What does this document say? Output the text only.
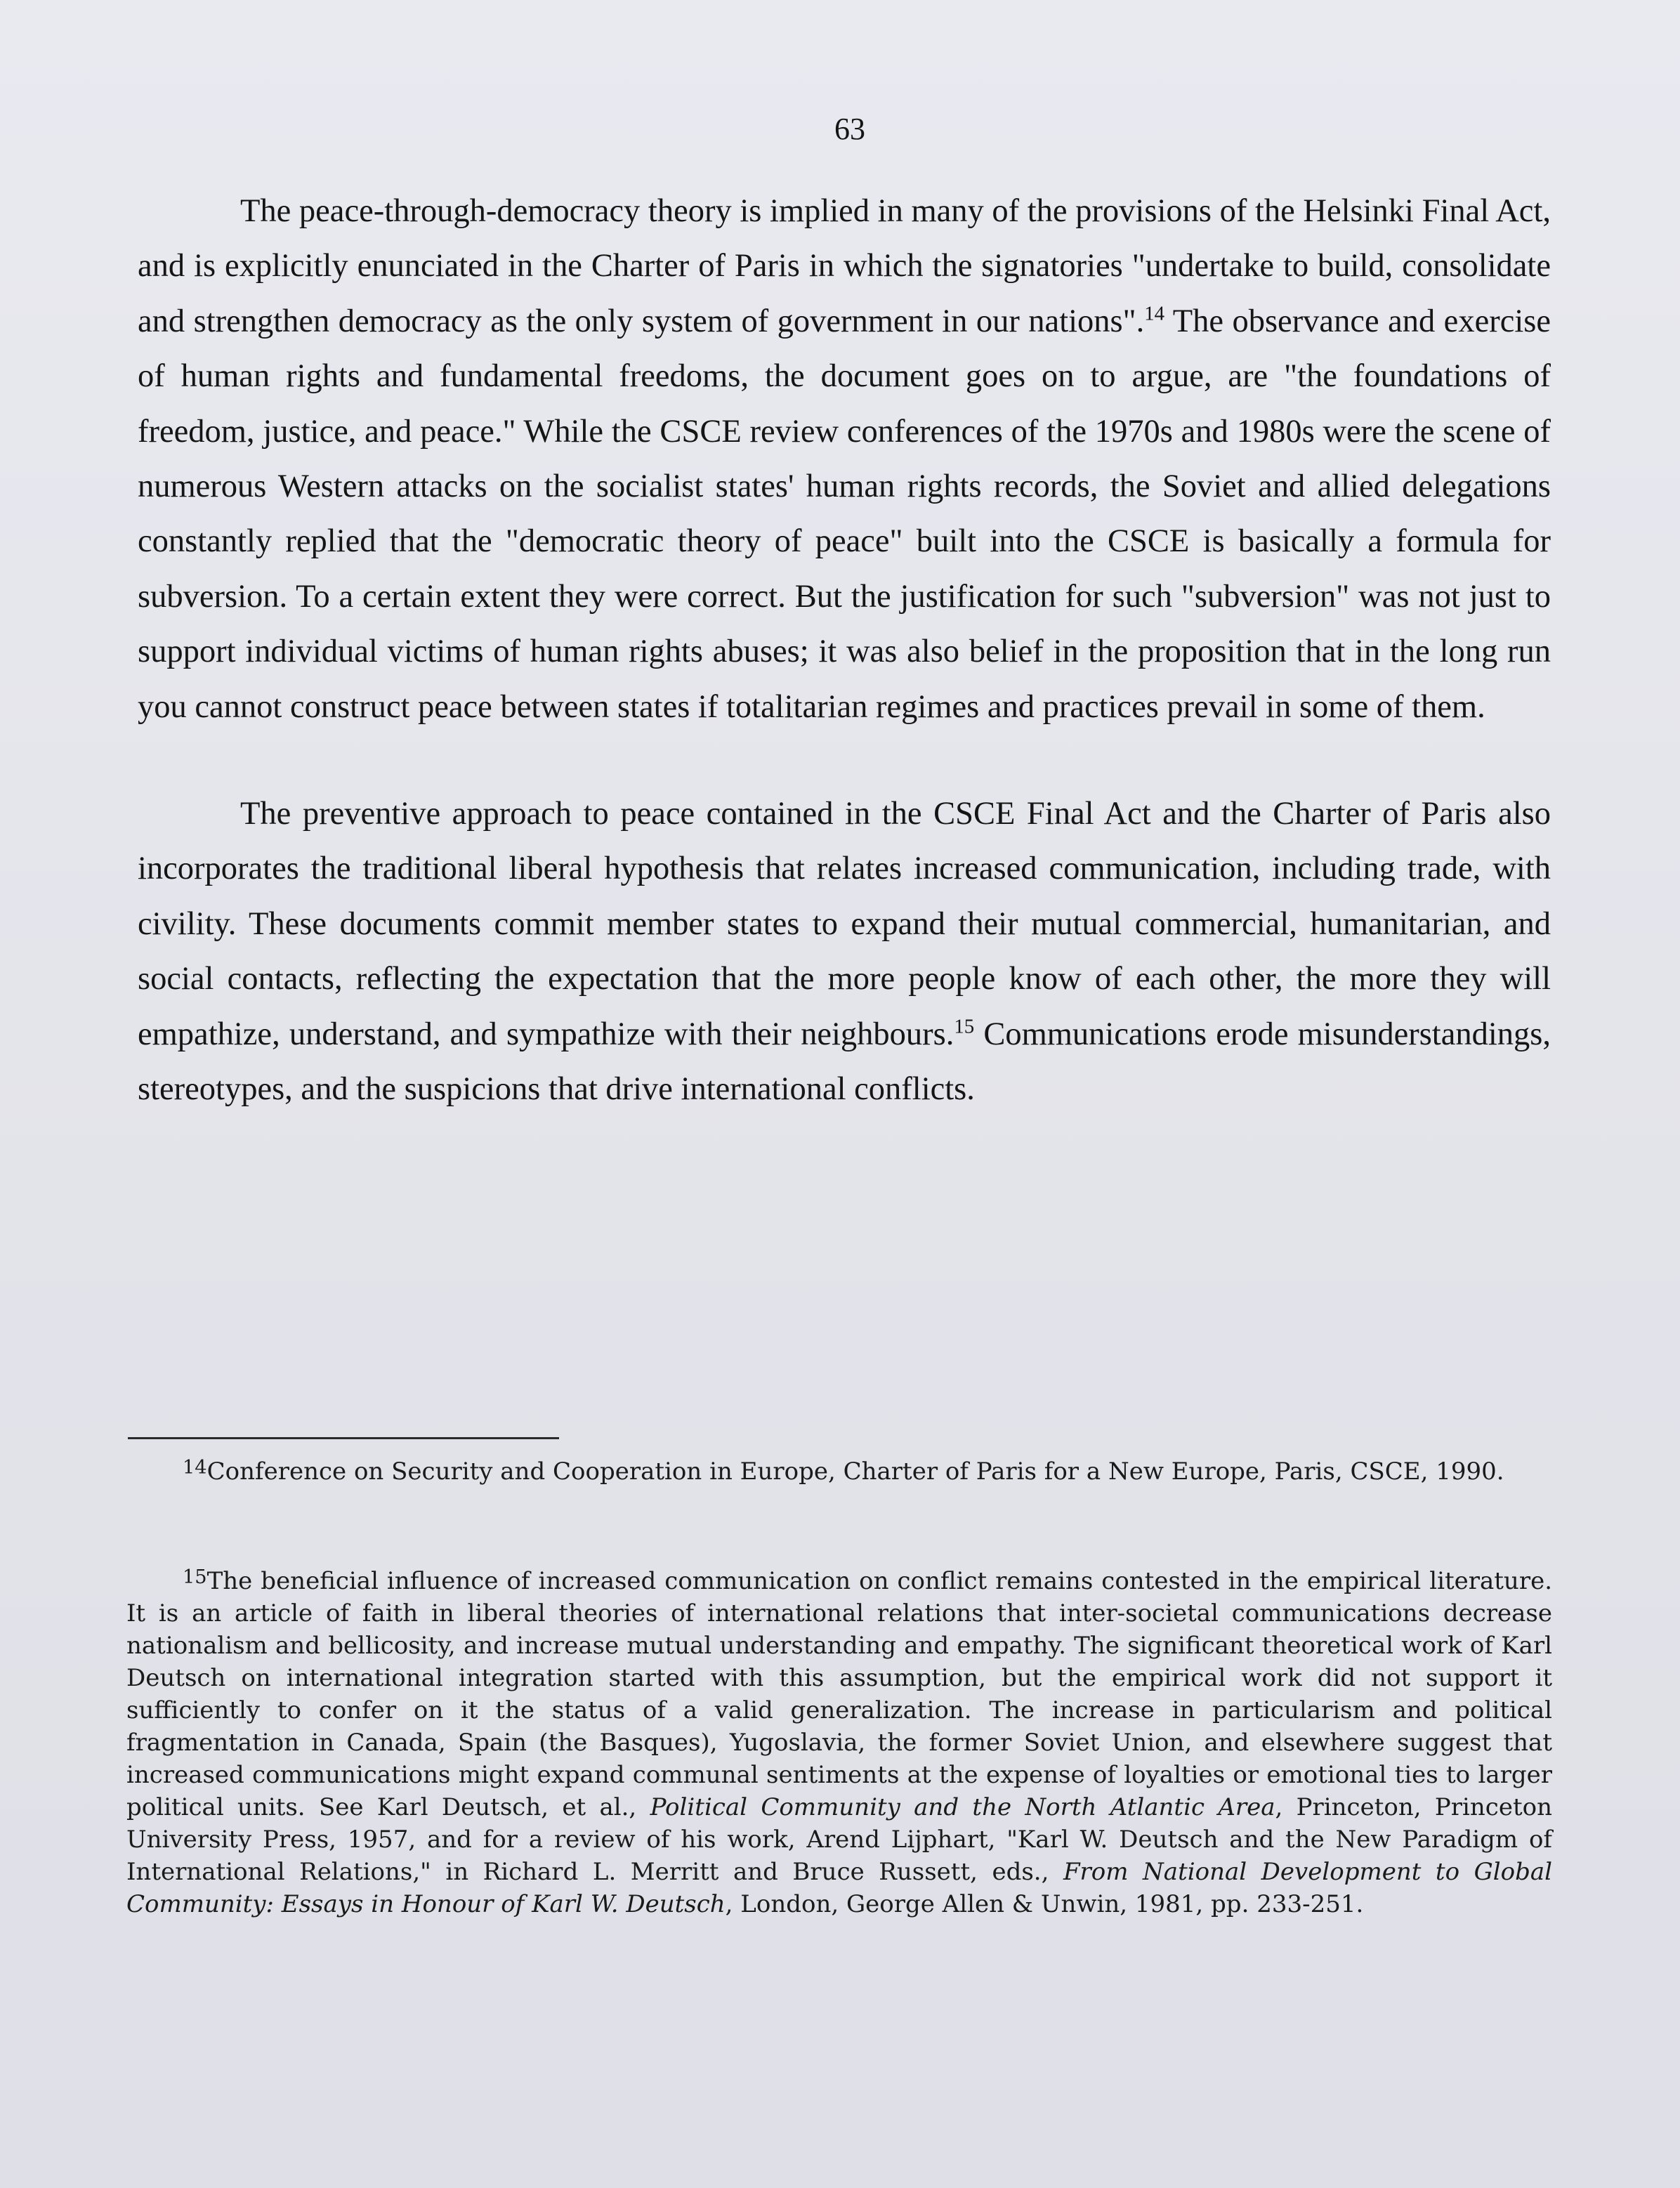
63

The peace-through-democracy theory is implied in many of the provisions of the Helsinki Final Act, and is explicitly enunciated in the Charter of Paris in which the signatories "undertake to build, consolidate and strengthen democracy as the only system of government in our nations".$^{14}$ The observance and exercise of human rights and fundamental freedoms, the document goes on to argue, are "the foundations of freedom, justice, and peace." While the CSCE review conferences of the 1970s and 1980s were the scene of numerous Western attacks on the socialist states' human rights records, the Soviet and allied delegations constantly replied that the "democratic theory of peace" built into the CSCE is basically a formula for subversion. To a certain extent they were correct. But the justification for such "subversion" was not just to support individual victims of human rights abuses; it was also belief in the proposition that in the long run you cannot construct peace between states if totalitarian regimes and practices prevail in some of them.

The preventive approach to peace contained in the CSCE Final Act and the Charter of Paris also incorporates the traditional liberal hypothesis that relates increased communication, including trade, with civility. These documents commit member states to expand their mutual commercial, humanitarian, and social contacts, reflecting the expectation that the more people know of each other, the more they will empathize, understand, and sympathize with their neighbours.$^{15}$ Communications erode misunderstandings, stereotypes, and the suspicions that drive international conflicts.

$^{14}$Conference on Security and Cooperation in Europe, Charter of Paris for a New Europe, Paris, CSCE, 1990.

$^{15}$The beneficial influence of increased communication on conflict remains contested in the empirical literature. It is an article of faith in liberal theories of international relations that inter-societal communications decrease nationalism and bellicosity, and increase mutual understanding and empathy. The significant theoretical work of Karl Deutsch on international integration started with this assumption, but the empirical work did not support it sufficiently to confer on it the status of a valid generalization. The increase in particularism and political fragmentation in Canada, Spain (the Basques), Yugoslavia, the former Soviet Union, and elsewhere suggest that increased communications might expand communal sentiments at the expense of loyalties or emotional ties to larger political units. See Karl Deutsch, et al., Political Community and the North Atlantic Area, Princeton, Princeton University Press, 1957, and for a review of his work, Arend Lijphart, "Karl W. Deutsch and the New Paradigm of International Relations," in Richard L. Merritt and Bruce Russett, eds., From National Development to Global Community: Essays in Honour of Karl W. Deutsch, London, George Allen & Unwin, 1981, pp. 233-251.
